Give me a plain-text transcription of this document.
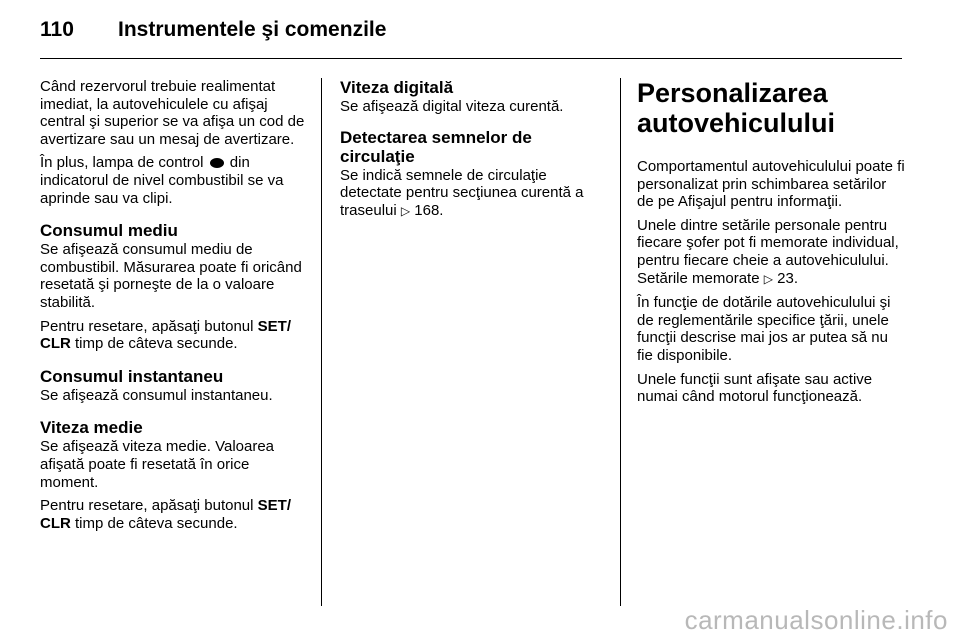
110 Instrumentele şi comenzile

Când rezervorul trebuie realimentat imediat, la autovehiculele cu afişaj central şi superior se va afişa un cod de avertizare sau un mesaj de avertizare.

În plus, lampa de control din indicatorul de nivel combustibil se va aprinde sau va clipi.

Consumul mediu

Se afişează consumul mediu de combustibil. Măsurarea poate fi oricând resetată şi porneşte de la o valoare stabilită.

Pentru resetare, apăsaţi butonul SET/ CLR timp de câteva secunde.

Consumul instantaneu

Se afişează consumul instantaneu.

Viteza medie

Se afişează viteza medie. Valoarea afişată poate fi resetată în orice moment.

Pentru resetare, apăsaţi butonul SET/ CLR timp de câteva secunde.

Viteza digitală

Se afişează digital viteza curentă.

Detectarea semnelor de circulaţie

Se indică semnele de circulaţie detectate pentru secţiunea curentă a traseului ▷ 168.

Personalizarea autovehiculului

Comportamentul autovehiculului poate fi personalizat prin schimbarea setărilor de pe Afişajul pentru informaţii.

Unele dintre setările personale pentru fiecare şofer pot fi memorate individual, pentru fiecare cheie a autovehiculului. Setările memorate ▷ 23.

În funcţie de dotările autovehiculului şi de reglementările specifice ţării, unele funcţii descrise mai jos ar putea să nu fie disponibile.

Unele funcţii sunt afişate sau active numai când motorul funcţionează.

carmanualsonline.info
